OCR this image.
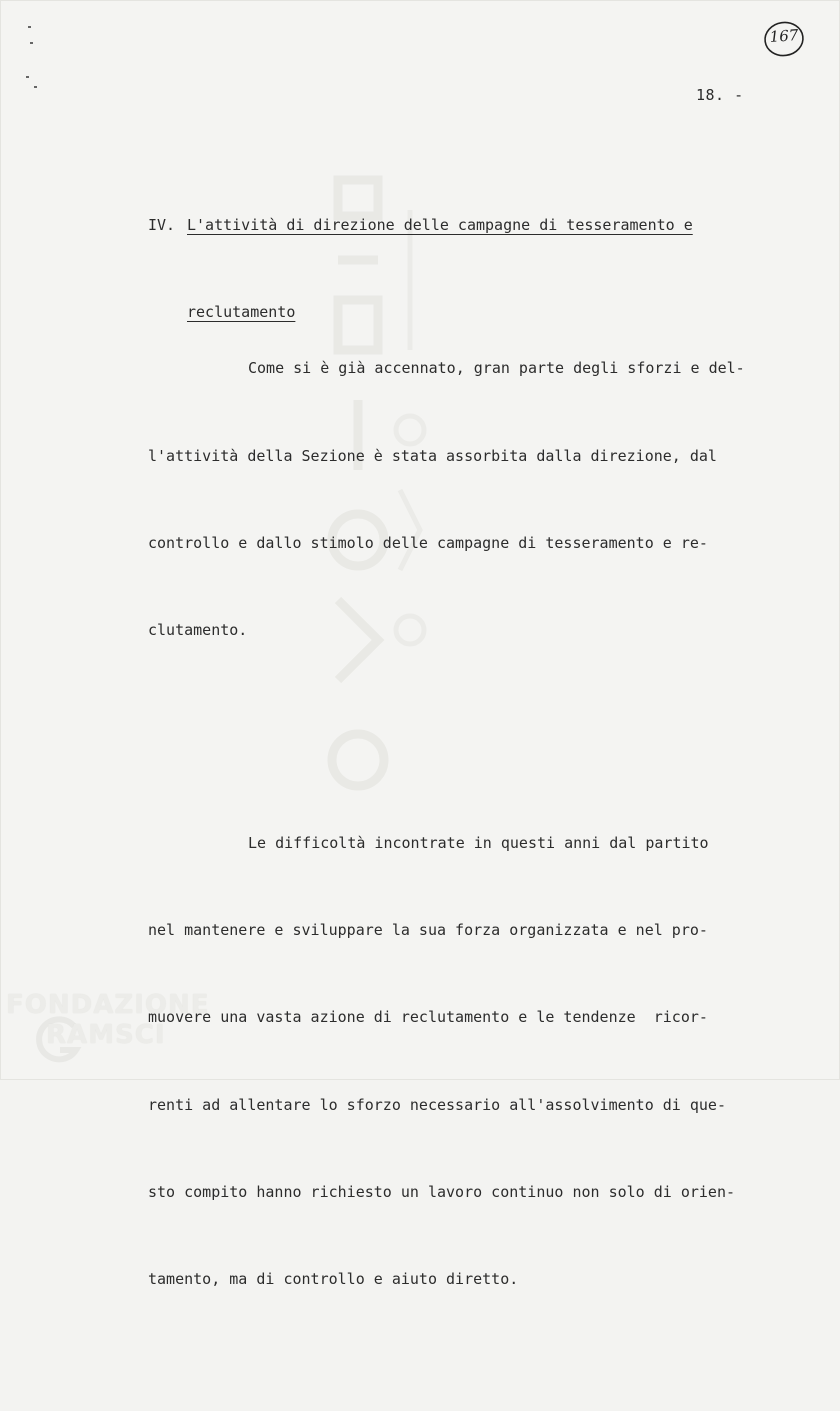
167
18. -

IV. L'attività di direzione delle campagne di tesseramento e

reclutamento

Come si è già accennato, gran parte degli sforzi e del-

l'attività della Sezione è stata assorbita dalla direzione, dal

controllo e dallo stimolo delle campagne di tesseramento e re-

clutamento.

Le difficoltà incontrate in questi anni dal partito

nel mantenere e sviluppare la sua forza organizzata e nel pro-

muovere una vasta azione di reclutamento e le tendenze  ricor-

renti ad allentare lo sforzo necessario all'assolvimento di que-

sto compito hanno richiesto un lavoro continuo non solo di orien-

tamento, ma di controllo e aiuto diretto.

FONDAZIONE
RAMSCI
